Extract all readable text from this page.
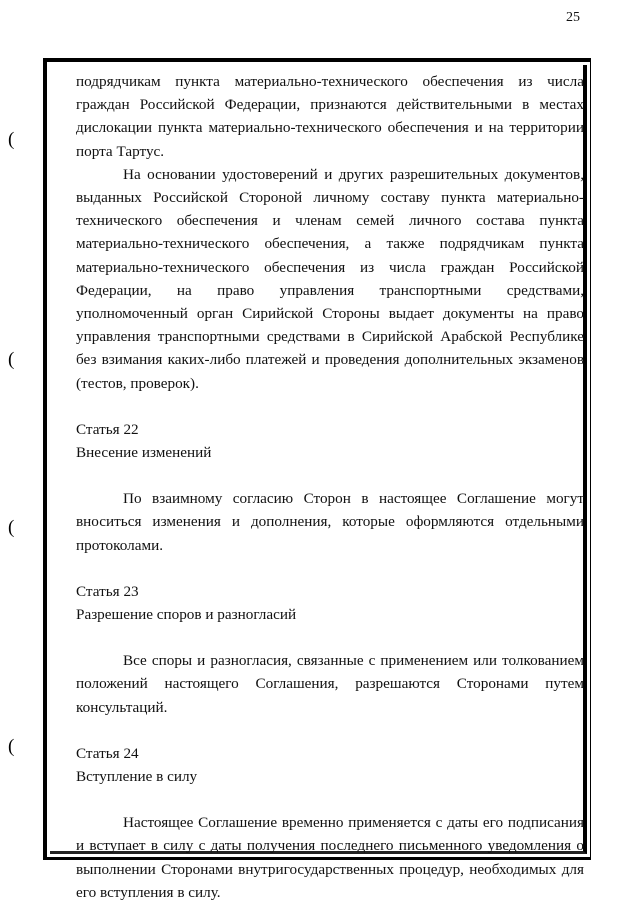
25
(
(
(
(

подрядчикам пункта материально-технического обеспечения из числа граждан Российской Федерации, признаются действительными в местах дислокации пункта материально-технического обеспечения и на территории порта Тартус.

На основании удостоверений и других разрешительных документов, выданных Российской Стороной личному составу пункта материально-технического обеспечения и членам семей личного состава пункта материально-технического обеспечения, а также подрядчикам пункта материально-технического обеспечения из числа граждан Российской Федерации, на право управления транспортными средствами, уполномоченный орган Сирийской Стороны выдает документы на право управления транспортными средствами в Сирийской Арабской Республике без взимания каких-либо платежей и проведения дополнительных экзаменов (тестов, проверок).

Статья 22

Внесение изменений

По взаимному согласию Сторон в настоящее Соглашение могут вноситься изменения и дополнения, которые оформляются отдельными протоколами.

Статья 23

Разрешение споров и разногласий

Все споры и разногласия, связанные с применением или толкованием положений настоящего Соглашения, разрешаются Сторонами путем консультаций.

Статья 24

Вступление в силу

Настоящее Соглашение временно применяется с даты его подписания и вступает в силу с даты получения последнего письменного уведомления о выполнении Сторонами внутригосударственных процедур, необходимых для его вступления в силу.
